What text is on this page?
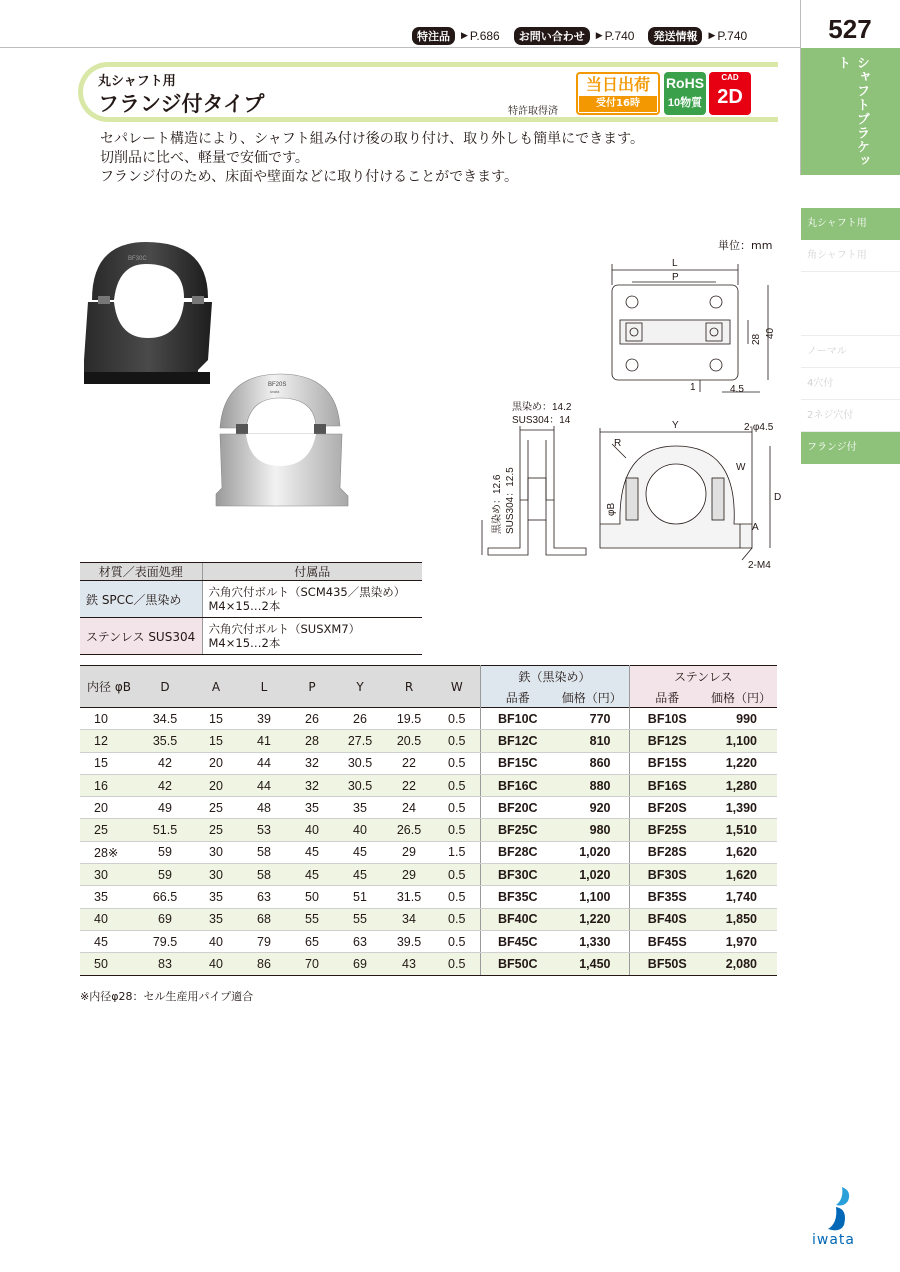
527
特注品	▶ P.686	お問い合わせ	▶ P.740	発送情報	▶ P.740
シャフトブラケット
丸シャフト用
角シャフト用
ノーマル
4穴付
2ネジ穴付
フランジ付
丸シャフト用
フランジ付タイプ	特許取得済
当日出荷
受付16時
RoHS
10物質
CAD
2D
セパレート構造により、シャフト組み付け後の取り付け、取り外しも簡単にできます。
切削品に比べ、軽量で安価です。
フランジ付のため、床面や壁面などに取り付けることができます。
BF30C
BF20S
iwata
単位：mm
L
P
28
40
1	4.5
黒染め：14.2
SUS304：14
黒染め：12.6 SUS304：12.5
Y	2-φ4.5
R
W
D
A
φB
2-M4
材質／表面処理	付属品
鉄 SPCC／黒染め	六角穴付ボルト（SCM435／黒染め）
M4×15…2本

ステンレス SUS304	六角穴付ボルト（SUSXM7）
M4×15…2本
内径 φB	D	A	L	P	Y	R	W	鉄（黒染め）		ステンレス	
								品番	価格（円）	品番	価格（円）
10	34.5	15	39	26	26	19.5	0.5	BF10C	770	BF10S	990
12	35.5	15	41	28	27.5	20.5	0.5	BF12C	810	BF12S	1,100
15	42	20	44	32	30.5	22	0.5	BF15C	860	BF15S	1,220
16	42	20	44	32	30.5	22	0.5	BF16C	880	BF16S	1,280
20	49	25	48	35	35	24	0.5	BF20C	920	BF20S	1,390
25	51.5	25	53	40	40	26.5	0.5	BF25C	980	BF25S	1,510
28※	59	30	58	45	45	29	1.5	BF28C	1,020	BF28S	1,620
30	59	30	58	45	45	29	0.5	BF30C	1,020	BF30S	1,620
35	66.5	35	63	50	51	31.5	0.5	BF35C	1,100	BF35S	1,740
40	69	35	68	55	55	34	0.5	BF40C	1,220	BF40S	1,850
45	79.5	40	79	65	63	39.5	0.5	BF45C	1,330	BF45S	1,970
50	83	40	86	70	69	43	0.5	BF50C	1,450	BF50S	2,080
※内径φ28：セル生産用パイプ適合
iwata
